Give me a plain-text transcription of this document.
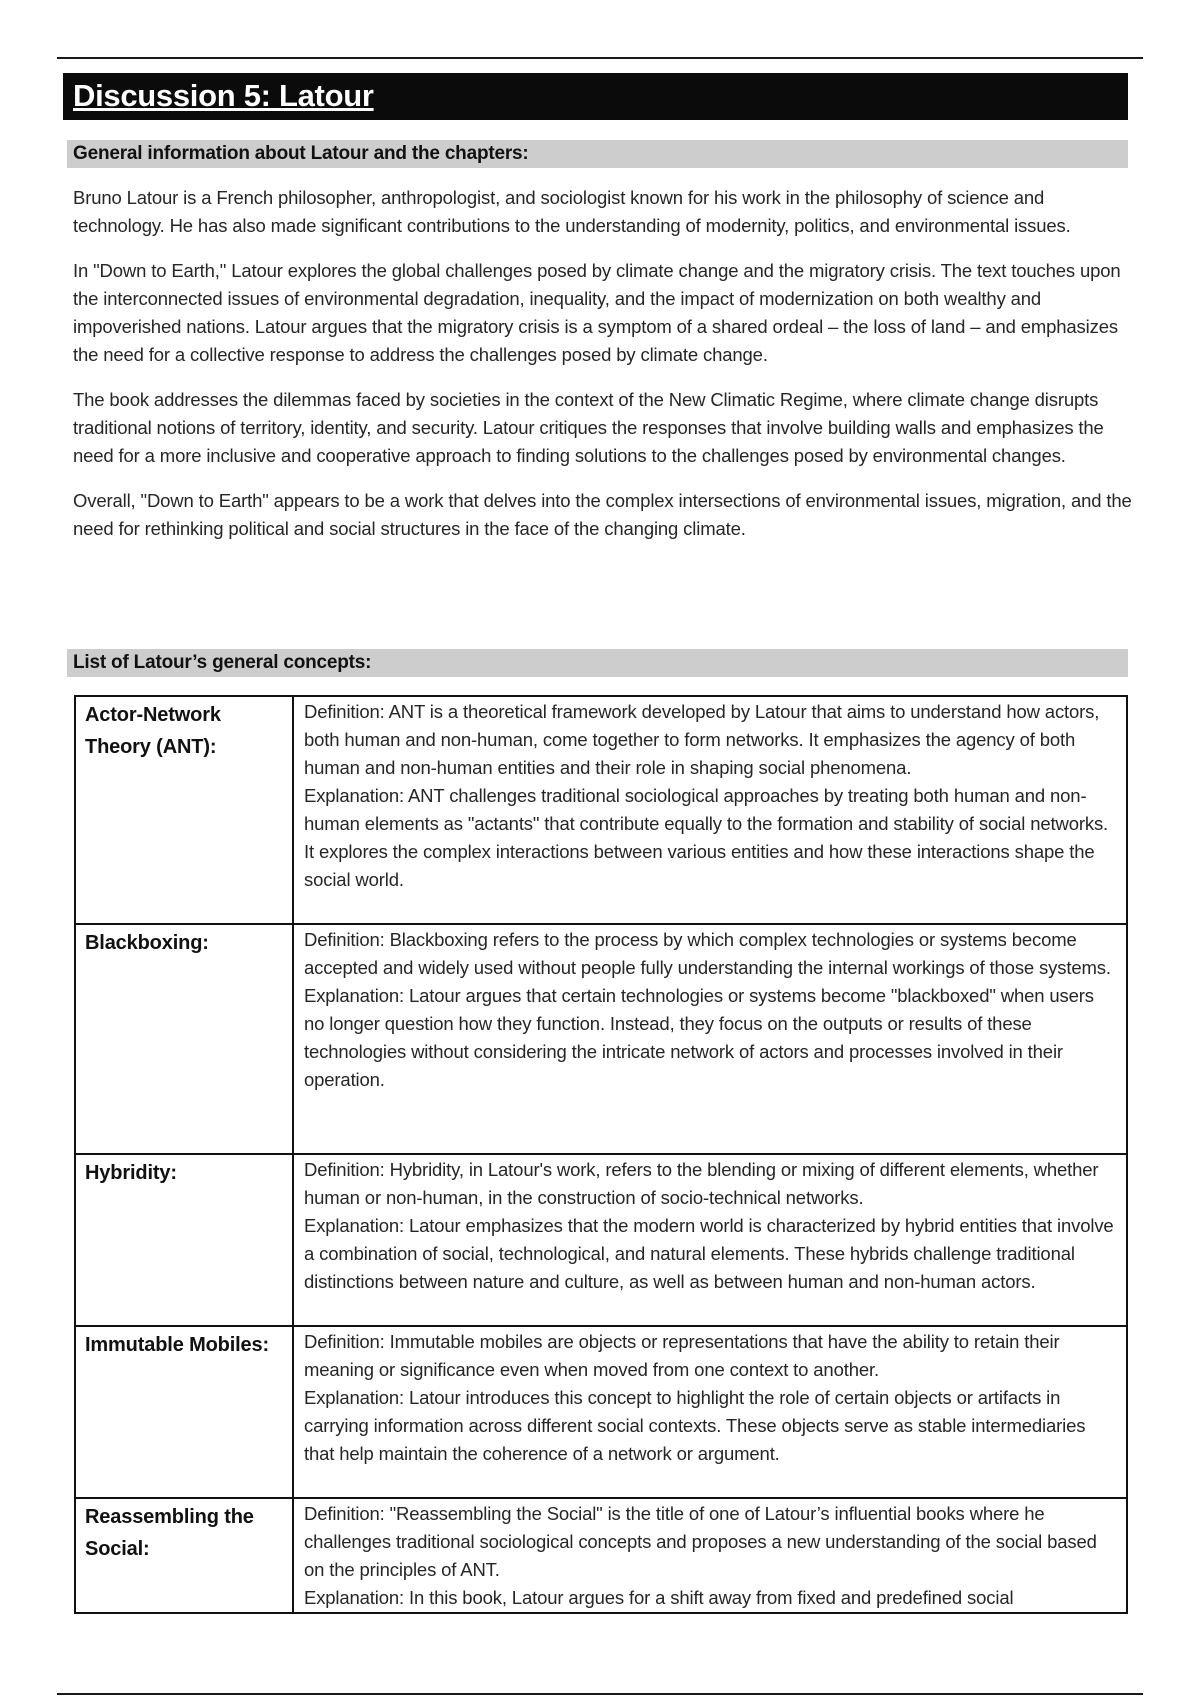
Discussion 5: Latour
General information about Latour and the chapters:

Bruno Latour is a French philosopher, anthropologist, and sociologist known for his work in the philosophy of science and technology. He has also made significant contributions to the understanding of modernity, politics, and environmental issues.

In "Down to Earth," Latour explores the global challenges posed by climate change and the migratory crisis. The text touches upon the interconnected issues of environmental degradation, inequality, and the impact of modernization on both wealthy and impoverished nations. Latour argues that the migratory crisis is a symptom of a shared ordeal – the loss of land – and emphasizes the need for a collective response to address the challenges posed by climate change.

The book addresses the dilemmas faced by societies in the context of the New Climatic Regime, where climate change disrupts traditional notions of territory, identity, and security. Latour critiques the responses that involve building walls and emphasizes the need for a more inclusive and cooperative approach to finding solutions to the challenges posed by environmental changes.

Overall, "Down to Earth" appears to be a work that delves into the complex intersections of environmental issues, migration, and the need for rethinking political and social structures in the face of the changing climate.

List of Latour’s general concepts:
Actor-Network Theory (ANT):	Definition: ANT is a theoretical framework developed by Latour that aims to understand how actors, both human and non-human, come together to form networks. It emphasizes the agency of both human and non-human entities and their role in shaping social phenomena.
Explanation: ANT challenges traditional sociological approaches by treating both human and non-human elements as "actants" that contribute equally to the formation and stability of social networks. It explores the complex interactions between various entities and how these interactions shape the social world.

Blackboxing:	Definition: Blackboxing refers to the process by which complex technologies or systems become accepted and widely used without people fully understanding the internal workings of those systems.
Explanation: Latour argues that certain technologies or systems become "blackboxed" when users no longer question how they function. Instead, they focus on the outputs or results of these technologies without considering the intricate network of actors and processes involved in their operation.

Hybridity:	Definition: Hybridity, in Latour's work, refers to the blending or mixing of different elements, whether human or non-human, in the construction of socio-technical networks.
Explanation: Latour emphasizes that the modern world is characterized by hybrid entities that involve a combination of social, technological, and natural elements. These hybrids challenge traditional distinctions between nature and culture, as well as between human and non-human actors.

Immutable Mobiles:	Definition: Immutable mobiles are objects or representations that have the ability to retain their meaning or significance even when moved from one context to another.
Explanation: Latour introduces this concept to highlight the role of certain objects or artifacts in carrying information across different social contexts. These objects serve as stable intermediaries that help maintain the coherence of a network or argument.

Reassembling the Social:	Definition: "Reassembling the Social" is the title of one of Latour’s influential books where he challenges traditional sociological concepts and proposes a new understanding of the social based on the principles of ANT.
Explanation: In this book, Latour argues for a shift away from fixed and predefined social
